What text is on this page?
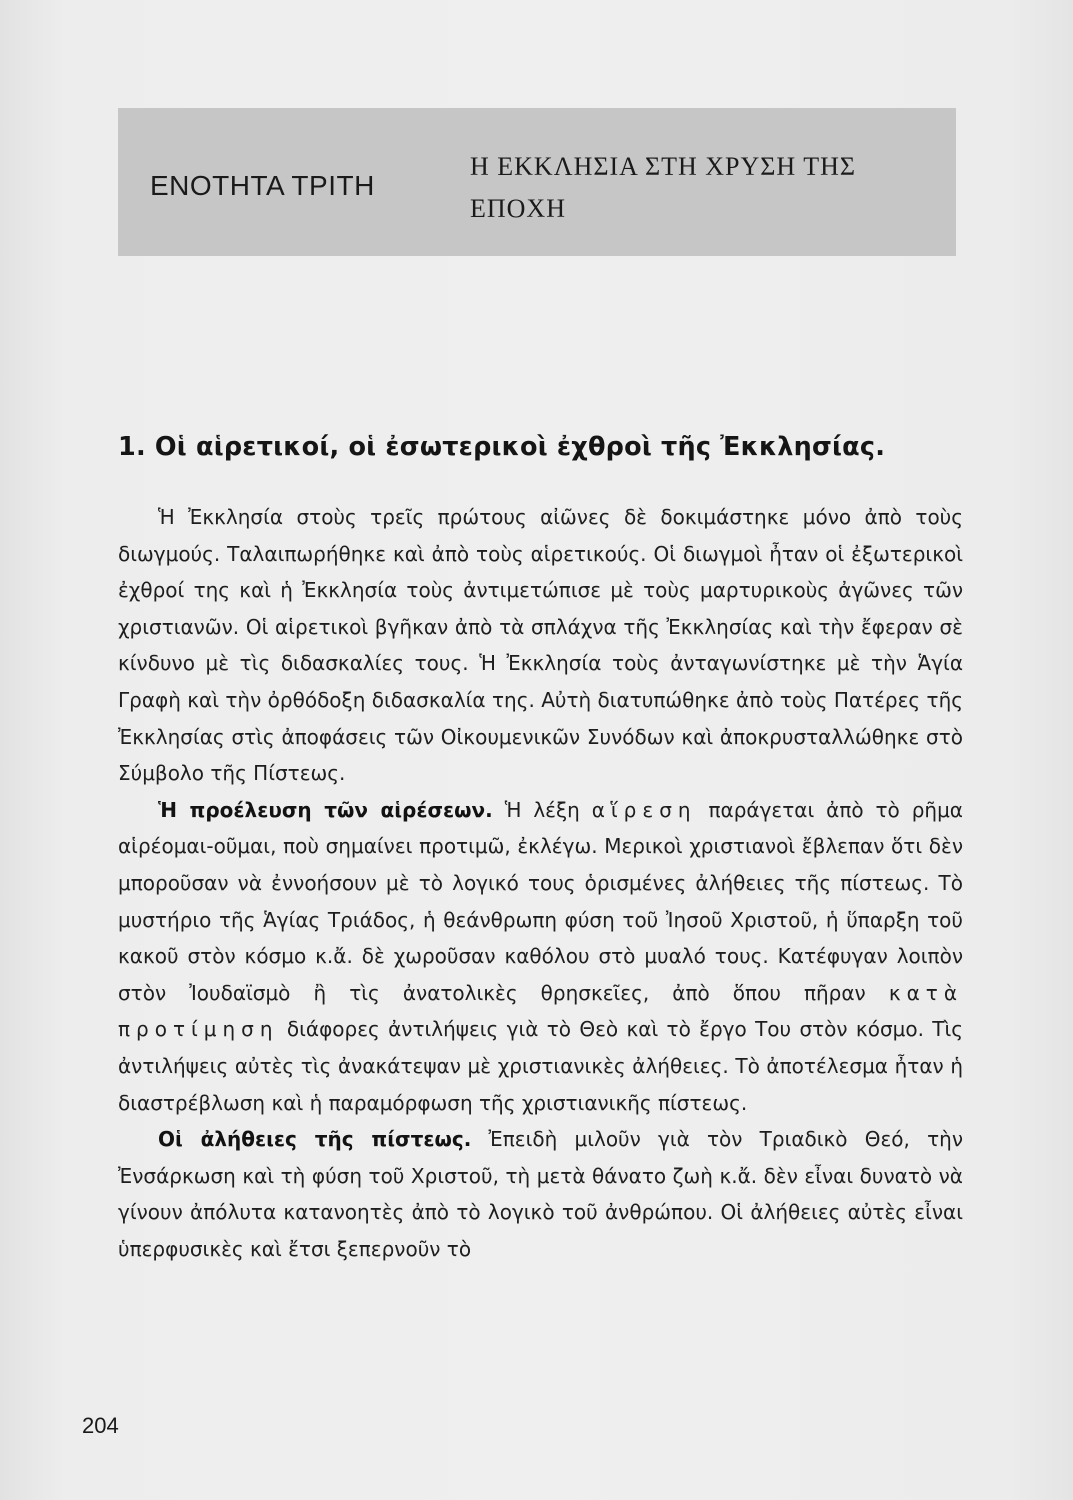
ΕΝΟΤΗΤΑ ΤΡΙΤΗ
Η ΕΚΚΛΗΣΙΑ ΣΤΗ ΧΡΥΣΗ ΤΗΣ ΕΠΟΧΗ
1. Οἱ αἱρετικοί, οἱ ἐσωτερικοὶ ἐχθροὶ τῆς Ἐκκλησίας.

Ἡ Ἐκκλησία στοὺς τρεῖς πρώτους αἰῶνες δὲ δοκιμάστηκε μόνο ἀπὸ τοὺς διωγμούς. Ταλαιπωρήθηκε καὶ ἀπὸ τοὺς αἱρετικούς. Οἱ διωγμοὶ ἦταν οἱ ἐξωτερικοὶ ἐχθροί της καὶ ἡ Ἐκκλησία τοὺς ἀντιμετώπισε μὲ τοὺς μαρτυρικοὺς ἀγῶνες τῶν χριστιανῶν. Οἱ αἱρετικοὶ βγῆκαν ἀπὸ τὰ σπλάχνα τῆς Ἐκκλησίας καὶ τὴν ἔφεραν σὲ κίνδυνο μὲ τὶς διδασκαλίες τους. Ἡ Ἐκκλησία τοὺς ἀνταγωνίστηκε μὲ τὴν Ἁγία Γραφὴ καὶ τὴν ὀρθόδοξη διδασκαλία της. Αὐτὴ διατυπώθηκε ἀπὸ τοὺς Πατέρες τῆς Ἐκκλησίας στὶς ἀποφάσεις τῶν Οἰκουμενικῶν Συνόδων καὶ ἀποκρυσταλλώθηκε στὸ Σύμβολο τῆς Πίστεως.

Ἡ προέλευση τῶν αἱρέσεων. Ἡ λέξη αἵρεση παράγεται ἀπὸ τὸ ρῆμα αἱρέομαι-οῦμαι, ποὺ σημαίνει προτιμῶ, ἐκλέγω. Μερικοὶ χριστιανοὶ ἔβλεπαν ὅτι δὲν μποροῦσαν νὰ ἐννοήσουν μὲ τὸ λογικό τους ὁρισμένες ἀλήθειες τῆς πίστεως. Τὸ μυστήριο τῆς Ἁγίας Τριάδος, ἡ θεάνθρωπη φύση τοῦ Ἰησοῦ Χριστοῦ, ἡ ὕπαρξη τοῦ κακοῦ στὸν κόσμο κ.ἄ. δὲ χωροῦσαν καθόλου στὸ μυαλό τους. Κατέφυγαν λοιπὸν στὸν Ἰουδαϊσμὸ ἢ τὶς ἀνατολικὲς θρησκεῖες, ἀπὸ ὅπου πῆραν κατὰ προτίμηση διάφορες ἀντιλήψεις γιὰ τὸ Θεὸ καὶ τὸ ἔργο Του στὸν κόσμο. Τὶς ἀντιλήψεις αὐτὲς τὶς ἀνακάτεψαν μὲ χριστιανικὲς ἀλήθειες. Τὸ ἀποτέλεσμα ἦταν ἡ διαστρέβλωση καὶ ἡ παραμόρφωση τῆς χριστιανικῆς πίστεως.

Οἱ ἀλήθειες τῆς πίστεως. Ἐπειδὴ μιλοῦν γιὰ τὸν Τριαδικὸ Θεό, τὴν Ἐνσάρκωση καὶ τὴ φύση τοῦ Χριστοῦ, τὴ μετὰ θάνατο ζωὴ κ.ἄ. δὲν εἶναι δυνατὸ νὰ γίνουν ἀπόλυτα κατανοητὲς ἀπὸ τὸ λογικὸ τοῦ ἀνθρώπου. Οἱ ἀλήθειες αὐτὲς εἶναι ὑπερφυσικὲς καὶ ἔτσι ξεπερνοῦν τὸ

204
